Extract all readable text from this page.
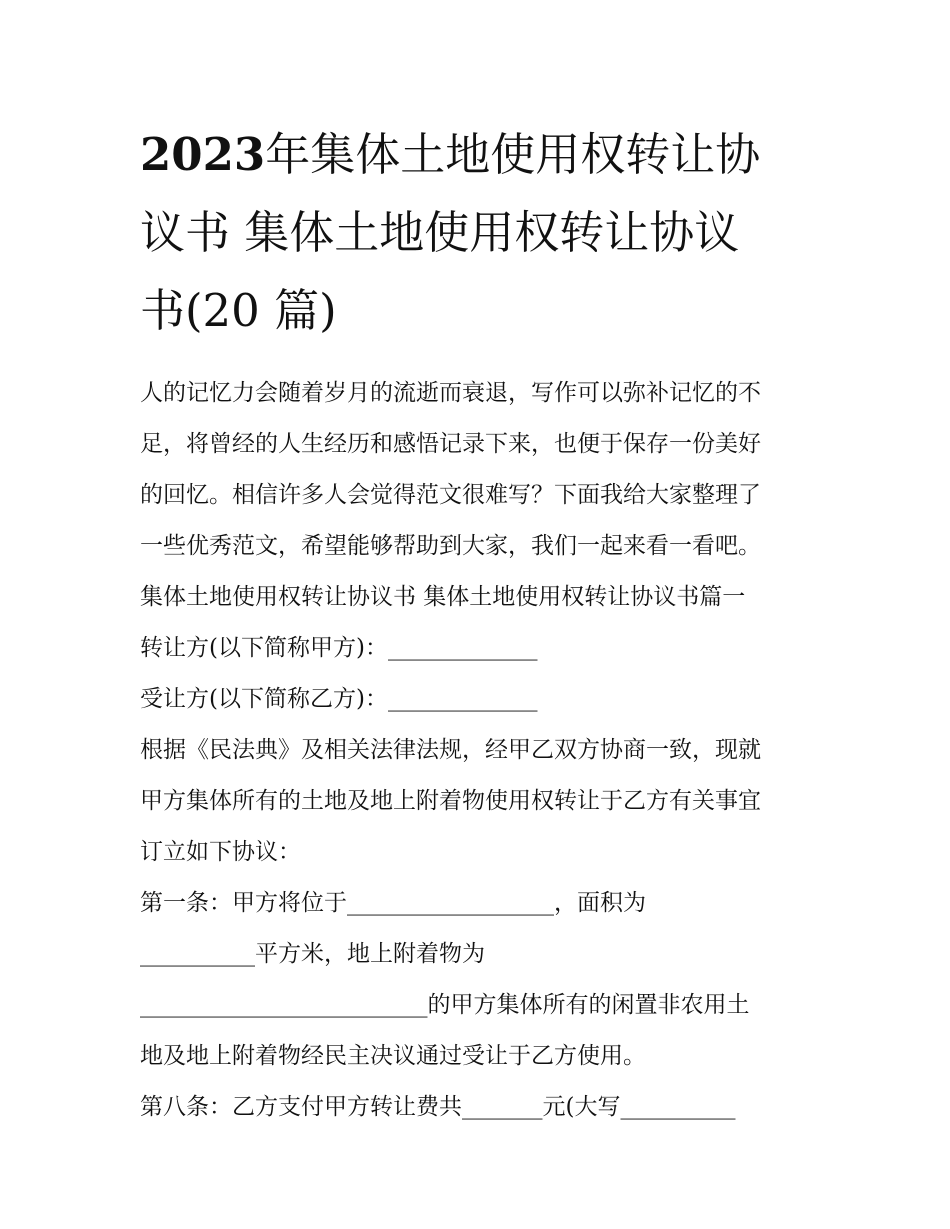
2023年集体土地使用权转让协
议书 集体土地使用权转让协议
书(20 篇)
人的记忆力会随着岁月的流逝而衰退，写作可以弥补记忆的不
足，将曾经的人生经历和感悟记录下来，也便于保存一份美好
的回忆。相信许多人会觉得范文很难写？下面我给大家整理了
一些优秀范文，希望能够帮助到大家，我们一起来看一看吧。
集体土地使用权转让协议书 集体土地使用权转让协议书篇一
转让方(以下简称甲方)：_____________
受让方(以下简称乙方)：_____________
根据《民法典》及相关法律法规，经甲乙双方协商一致，现就
甲方集体所有的土地及地上附着物使用权转让于乙方有关事宜
订立如下协议：
第一条：甲方将位于__________________，面积为
__________平方米，地上附着物为
_________________________的甲方集体所有的闲置非农用土
地及地上附着物经民主决议通过受让于乙方使用。
第八条：乙方支付甲方转让费共_______元(大写__________
